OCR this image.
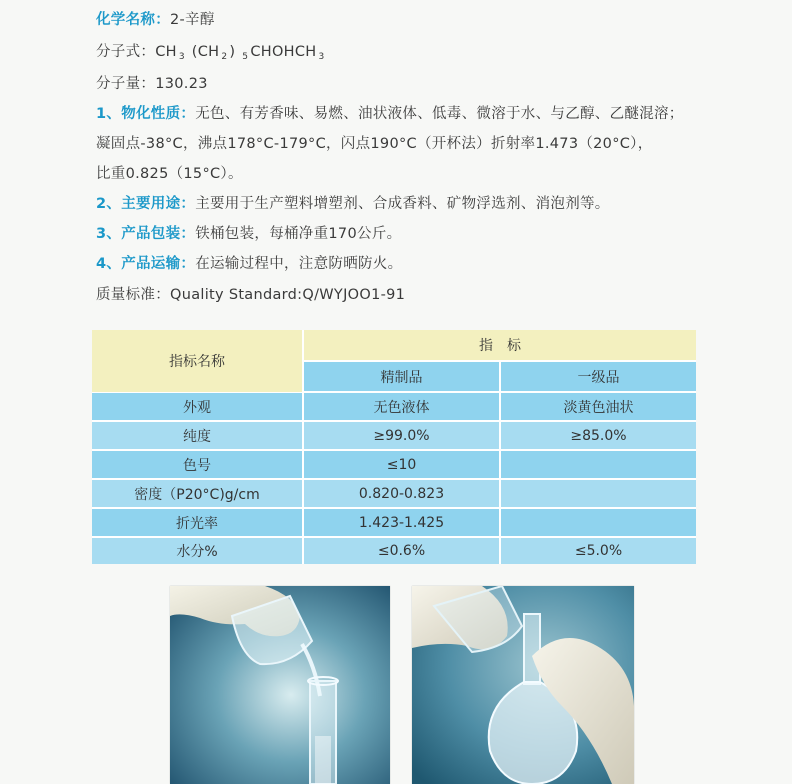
化学名称：2-辛醇
分子式：CH $_3$ (CH $_2$ ) $_5$ CHOHCH $_3$
分子量：130.23
1、物化性质：无色、有芳香味、易燃、油状液体、低毒、微溶于水、与乙醇、乙醚混溶；
凝固点-38°C，沸点178°C-179°C，闪点190°C（开杯法）折射率1.473（20°C），
比重0.825（15°C）。
2、主要用途：主要用于生产塑料增塑剂、合成香料、矿物浮选剂、消泡剂等。
3、产品包装：铁桶包装，每桶净重170公斤。
4、产品运输：在运输过程中，注意防晒防火。
质量标准：Quality Standard:Q/WYJOO1-91
指标名称
指　标
精制品	一级品
外观	无色液体	淡黄色油状
纯度	≥99.0%	≥85.0%
色号	≤10
密度（P20°C)g/cm	0.820-0.823
折光率	1.423-1.425
水分%	≤0.6%	≤5.0%
